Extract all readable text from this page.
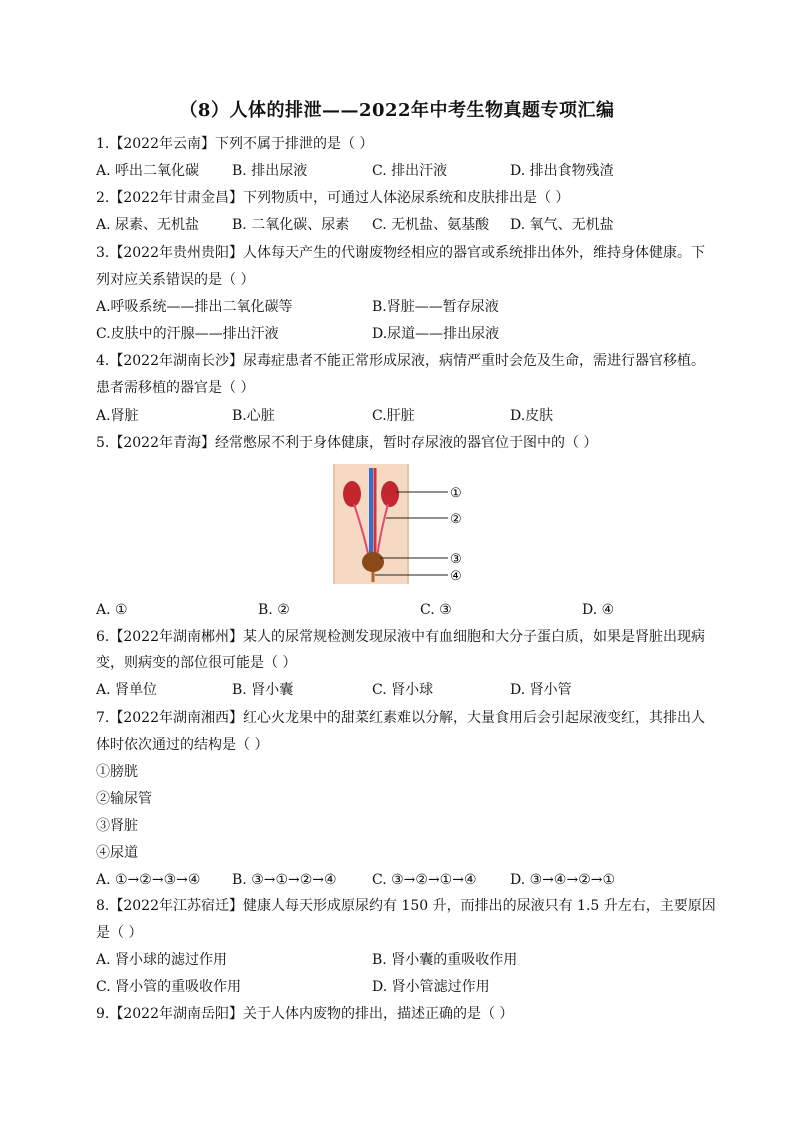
（8）人体的排泄——2022年中考生物真题专项汇编
1.【2022年云南】下列不属于排泄的是（ ）
A. 呼出二氧化碳 B. 排出尿液	C. 排出汗液	D. 排出食物残渣
2.【2022年甘肃金昌】下列物质中，可通过人体泌尿系统和皮肤排出是（ ）
A. 尿素、无机盐 B. 二氧化碳、尿素 C. 无机盐、氨基酸 D. 氧气、无机盐
3.【2022年贵州贵阳】人体每天产生的代谢废物经相应的器官或系统排出体外，维持身体健康。下
列对应关系错误的是（ ）
A.呼吸系统——排出二氧化碳等	B.肾脏——暂存尿液
C.皮肤中的汗腺——排出汗液	D.尿道——排出尿液
4.【2022年湖南长沙】尿毒症患者不能正常形成尿液，病情严重时会危及生命，需进行器官移植。
患者需移植的器官是（ ）
A.肾脏	B.心脏	C.肝脏	D.皮肤
5.【2022年青海】经常憋尿不利于身体健康，暂时存尿液的器官位于图中的（ ）
①
②
③
④
A. ①	B. ②	C. ③	D. ④
6.【2022年湖南郴州】某人的尿常规检测发现尿液中有血细胞和大分子蛋白质，如果是肾脏出现病
变，则病变的部位很可能是（ ）
A. 肾单位	B. 肾小囊	C. 肾小球	D. 肾小管
7.【2022年湖南湘西】红心火龙果中的甜菜红素难以分解，大量食用后会引起尿液变红，其排出人
体时依次通过的结构是（ ）
①膀胱
②输尿管
③肾脏
④尿道
A. ①→②→③→④ B. ③→①→②→④	C. ③→②→①→④ D. ③→④→②→①
8.【2022年江苏宿迁】健康人每天形成原尿约有 150 升，而排出的尿液只有 1.5 升左右，主要原因
是（ ）
A. 肾小球的滤过作用	B. 肾小囊的重吸收作用
C. 肾小管的重吸收作用	D. 肾小管滤过作用
9.【2022年湖南岳阳】关于人体内废物的排出，描述正确的是（ ）
